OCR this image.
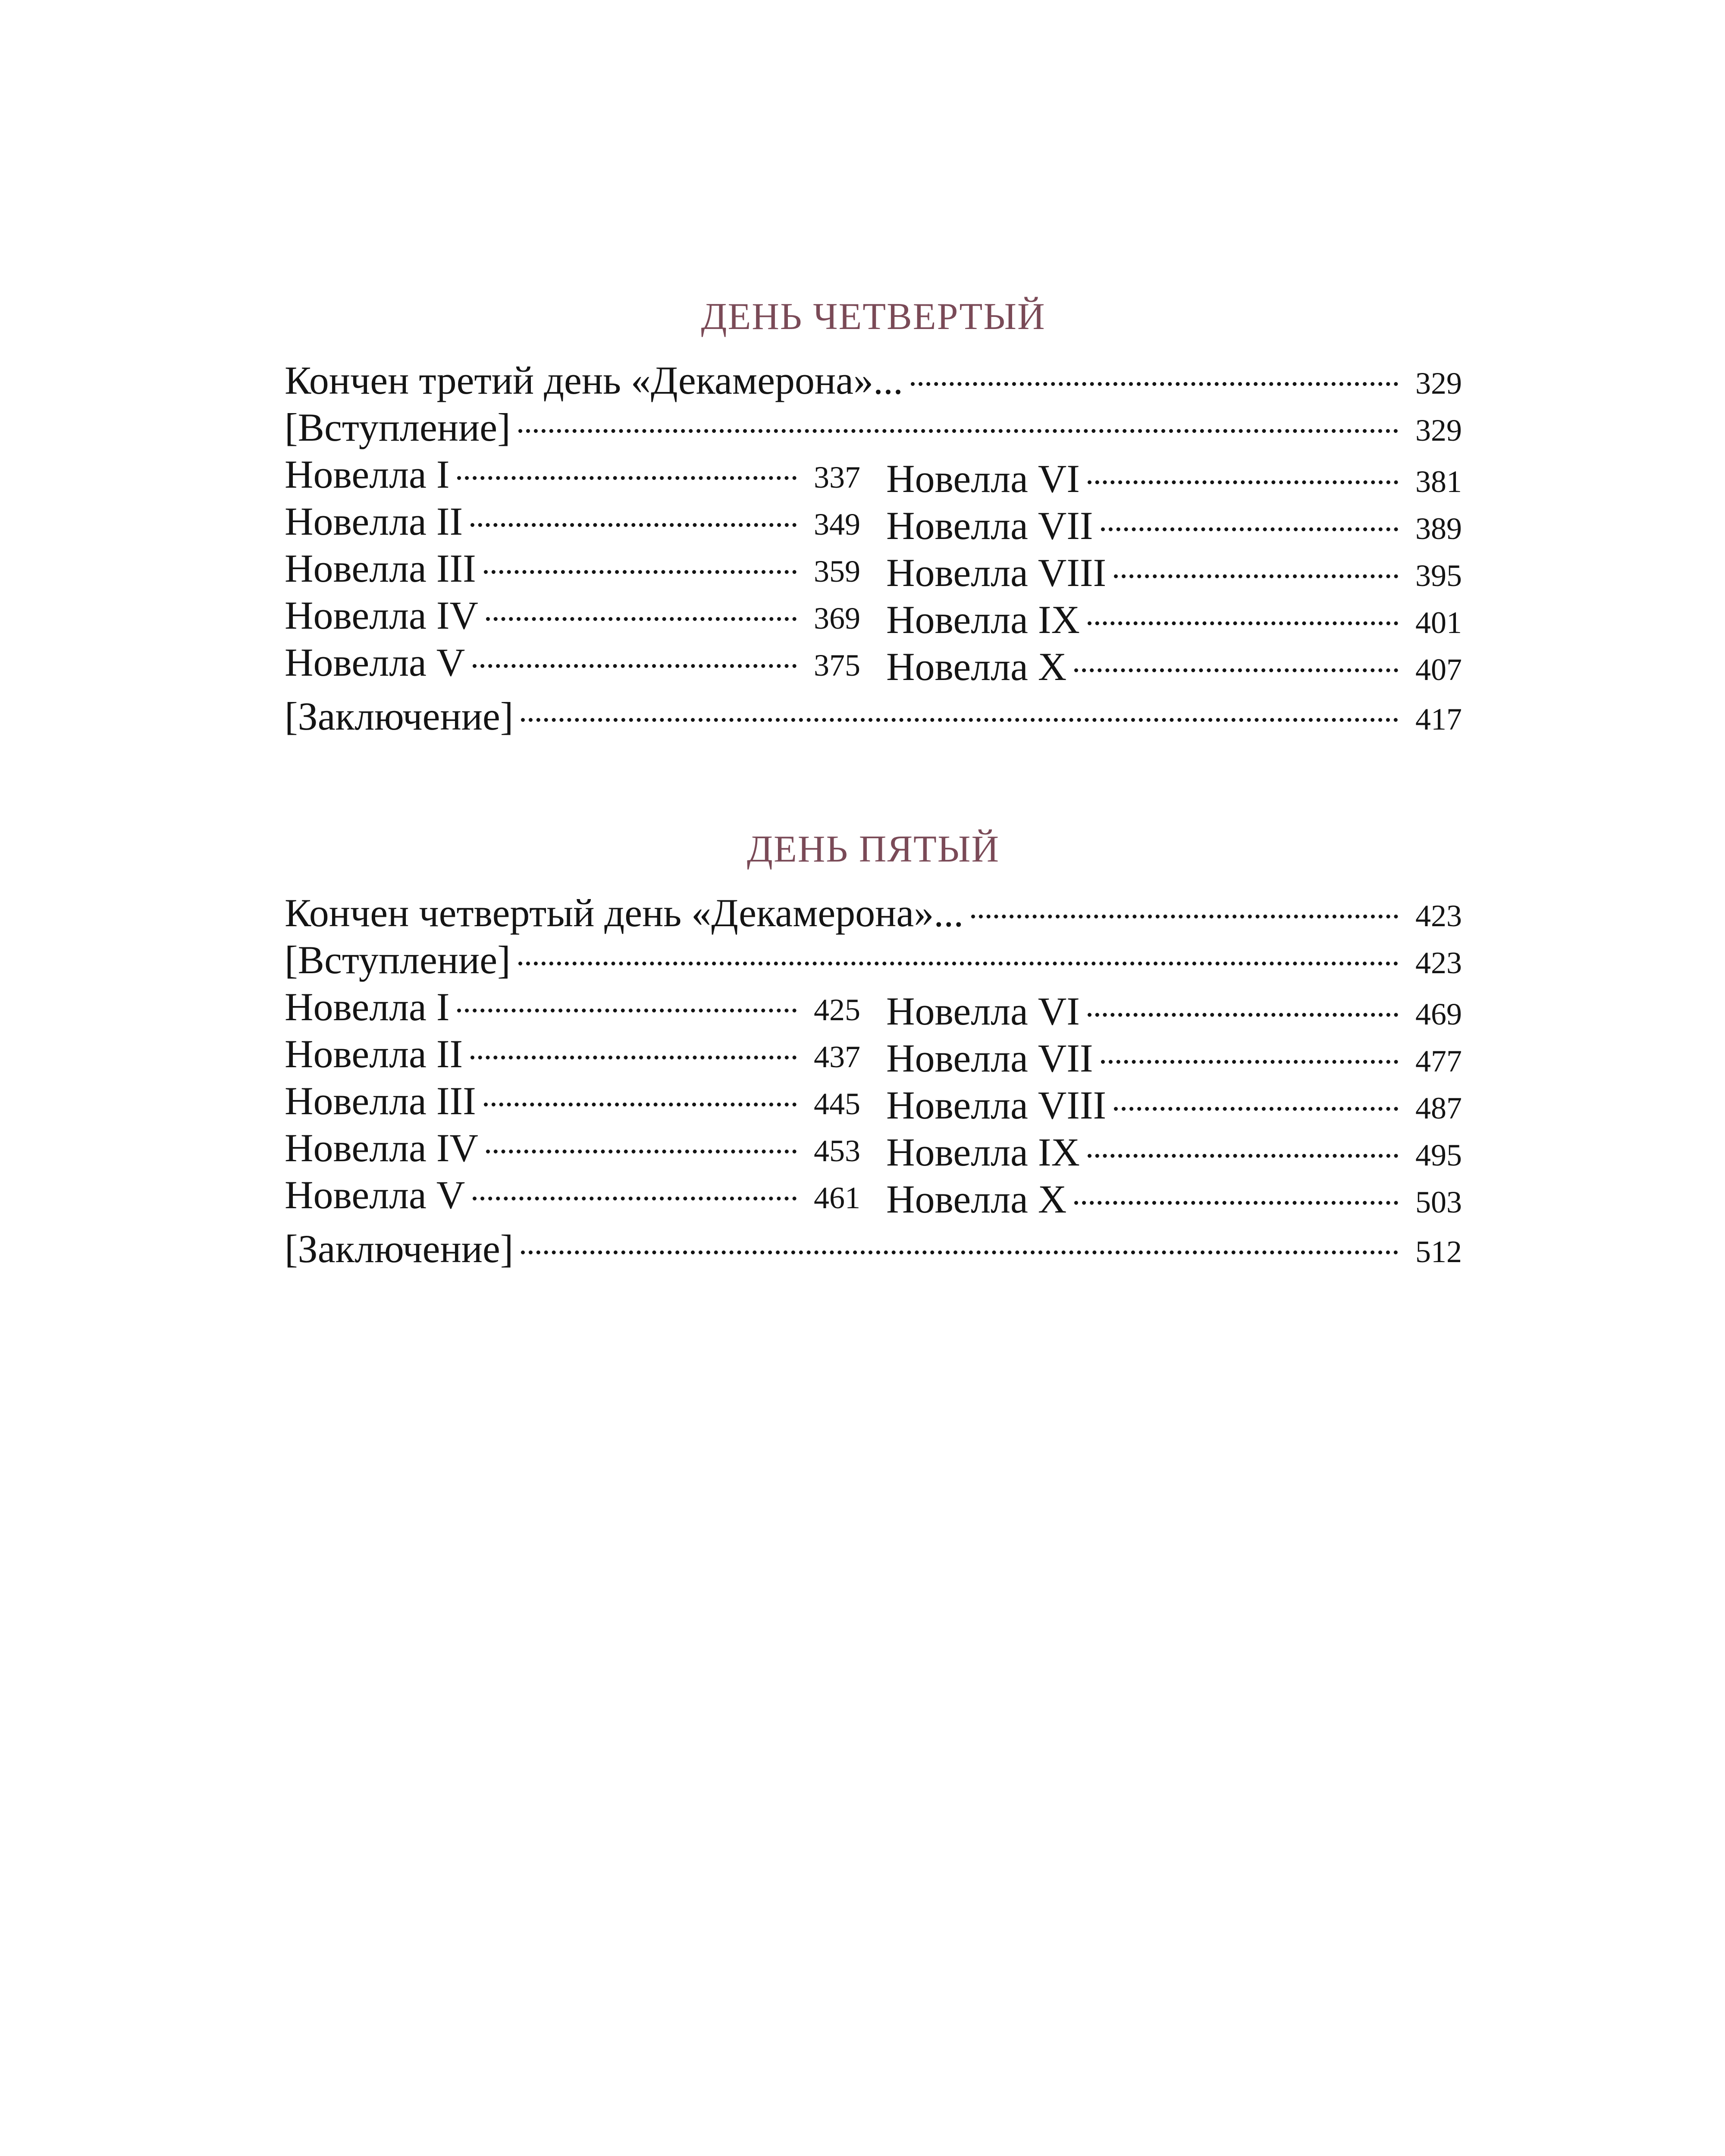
ДЕНЬ ЧЕТВЕРТЫЙ
Кончен третий день «Декамерона»...	329
[Вступление]	329
Новелла I	337
Новелла II	349
Новелла III	359
Новелла IV	369
Новелла V	375
Новелла VI	381
Новелла VII	389
Новелла VIII	395
Новелла IX	401
Новелла X	407
[Заключение]	417
ДЕНЬ ПЯТЫЙ
Кончен четвертый день «Декамерона»...	423
[Вступление]	423
Новелла I	425
Новелла II	437
Новелла III	445
Новелла IV	453
Новелла V	461
Новелла VI	469
Новелла VII	477
Новелла VIII	487
Новелла IX	495
Новелла X	503
[Заключение]	512
